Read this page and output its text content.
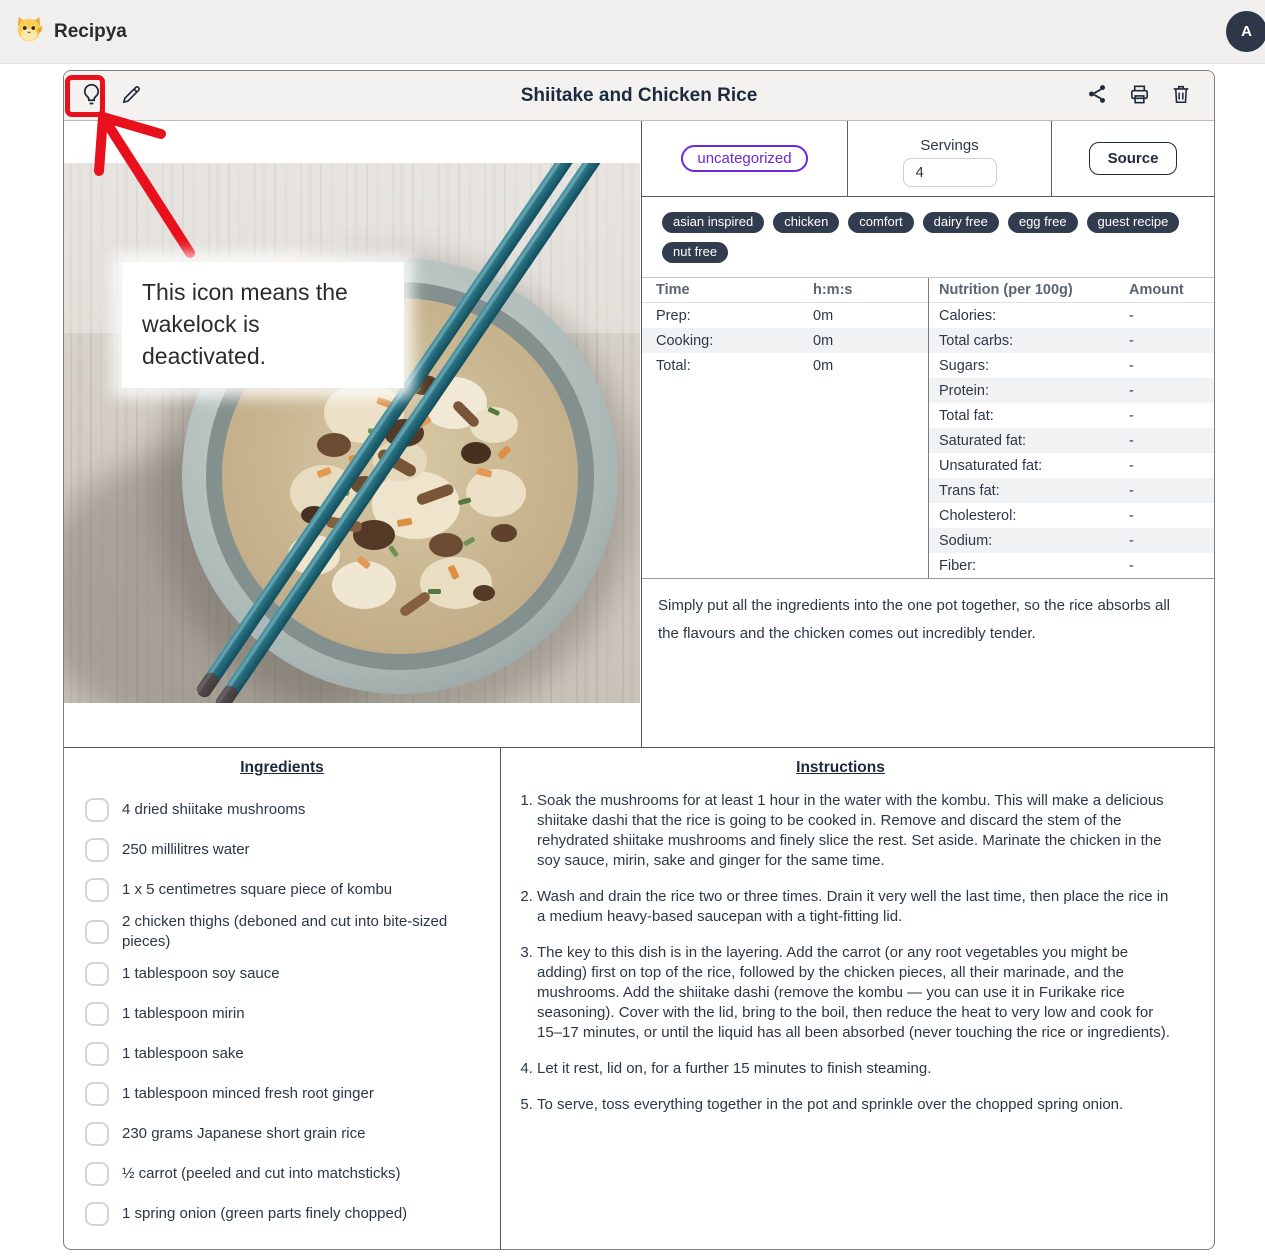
Recipya	A
Shiitake and Chicken Rice
uncategorized
Servings
4
Source
asian inspired	chicken	comfort	dairy free	egg free	guest recipe
nut free
Time	h:m:s
Prep:	0m
Cooking:	0m
Total:	0m
Nutrition (per 100g)	Amount
Calories:	-
Total carbs:	-
Sugars:	-
Protein:	-
Total fat:	-
Saturated fat:	-
Unsaturated fat:	-
Trans fat:	-
Cholesterol:	-
Sodium:	-
Fiber:	-
Simply put all the ingredients into the one pot together, so the rice absorbs all the flavours and the chicken comes out incredibly tender.
Ingredients
4 dried shiitake mushrooms
250 millilitres water
1 x 5 centimetres square piece of kombu
2 chicken thighs (deboned and cut into bite-sized pieces)
1 tablespoon soy sauce
1 tablespoon mirin
1 tablespoon sake
1 tablespoon minced fresh root ginger
230 grams Japanese short grain rice
½ carrot (peeled and cut into matchsticks)
1 spring onion (green parts finely chopped)
Instructions
1. Soak the mushrooms for at least 1 hour in the water with the kombu. This will make a delicious shiitake dashi that the rice is going to be cooked in. Remove and discard the stem of the rehydrated shiitake mushrooms and finely slice the rest. Set aside. Marinate the chicken in the soy sauce, mirin, sake and ginger for the same time.
2. Wash and drain the rice two or three times. Drain it very well the last time, then place the rice in a medium heavy-based saucepan with a tight-fitting lid.
3. The key to this dish is in the layering. Add the carrot (or any root vegetables you might be adding) first on top of the rice, followed by the chicken pieces, all their marinade, and the mushrooms. Add the shiitake dashi (remove the kombu — you can use it in Furikake rice seasoning). Cover with the lid, bring to the boil, then reduce the heat to very low and cook for 15–17 minutes, or until the liquid has all been absorbed (never touching the rice or ingredients).
4. Let it rest, lid on, for a further 15 minutes to finish steaming.
5. To serve, toss everything together in the pot and sprinkle over the chopped spring onion.
This icon means the wakelock is deactivated.
